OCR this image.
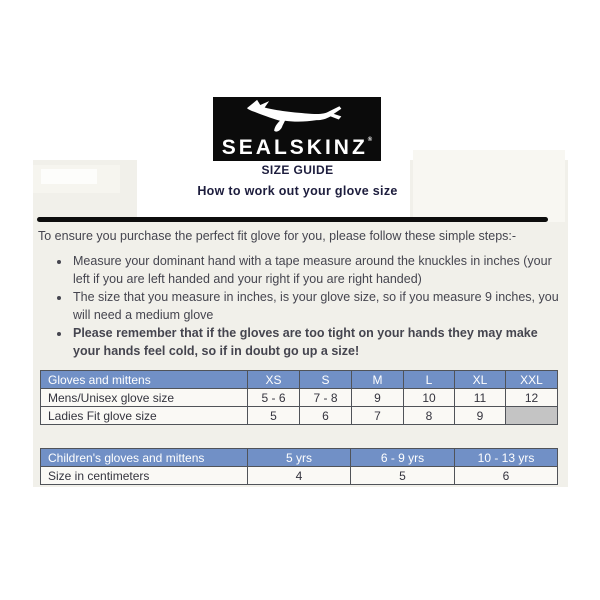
SEALSKINZ®
SIZE GUIDE
How to work out your glove size

To ensure you purchase the perfect fit glove for you, please follow these simple steps:-

• Measure your dominant hand with a tape measure around the knuckles in inches (your left if you are left handed and your right if you are right handed)
• The size that you measure in inches, is your glove size, so if you measure 9 inches, you will need a medium glove
• Please remember that if the gloves are too tight on your hands they may make your hands feel cold, so if in doubt go up a size!
Gloves and mittens	XS	S	M	L	XL	XXL
Mens/Unisex glove size	5 - 6	7 - 8	9	10	11	12
Ladies Fit glove size	5	6	7	8	9	
Children's gloves and mittens	5 yrs	6 - 9 yrs	10 - 13 yrs
Size in centimeters	4	5	6
